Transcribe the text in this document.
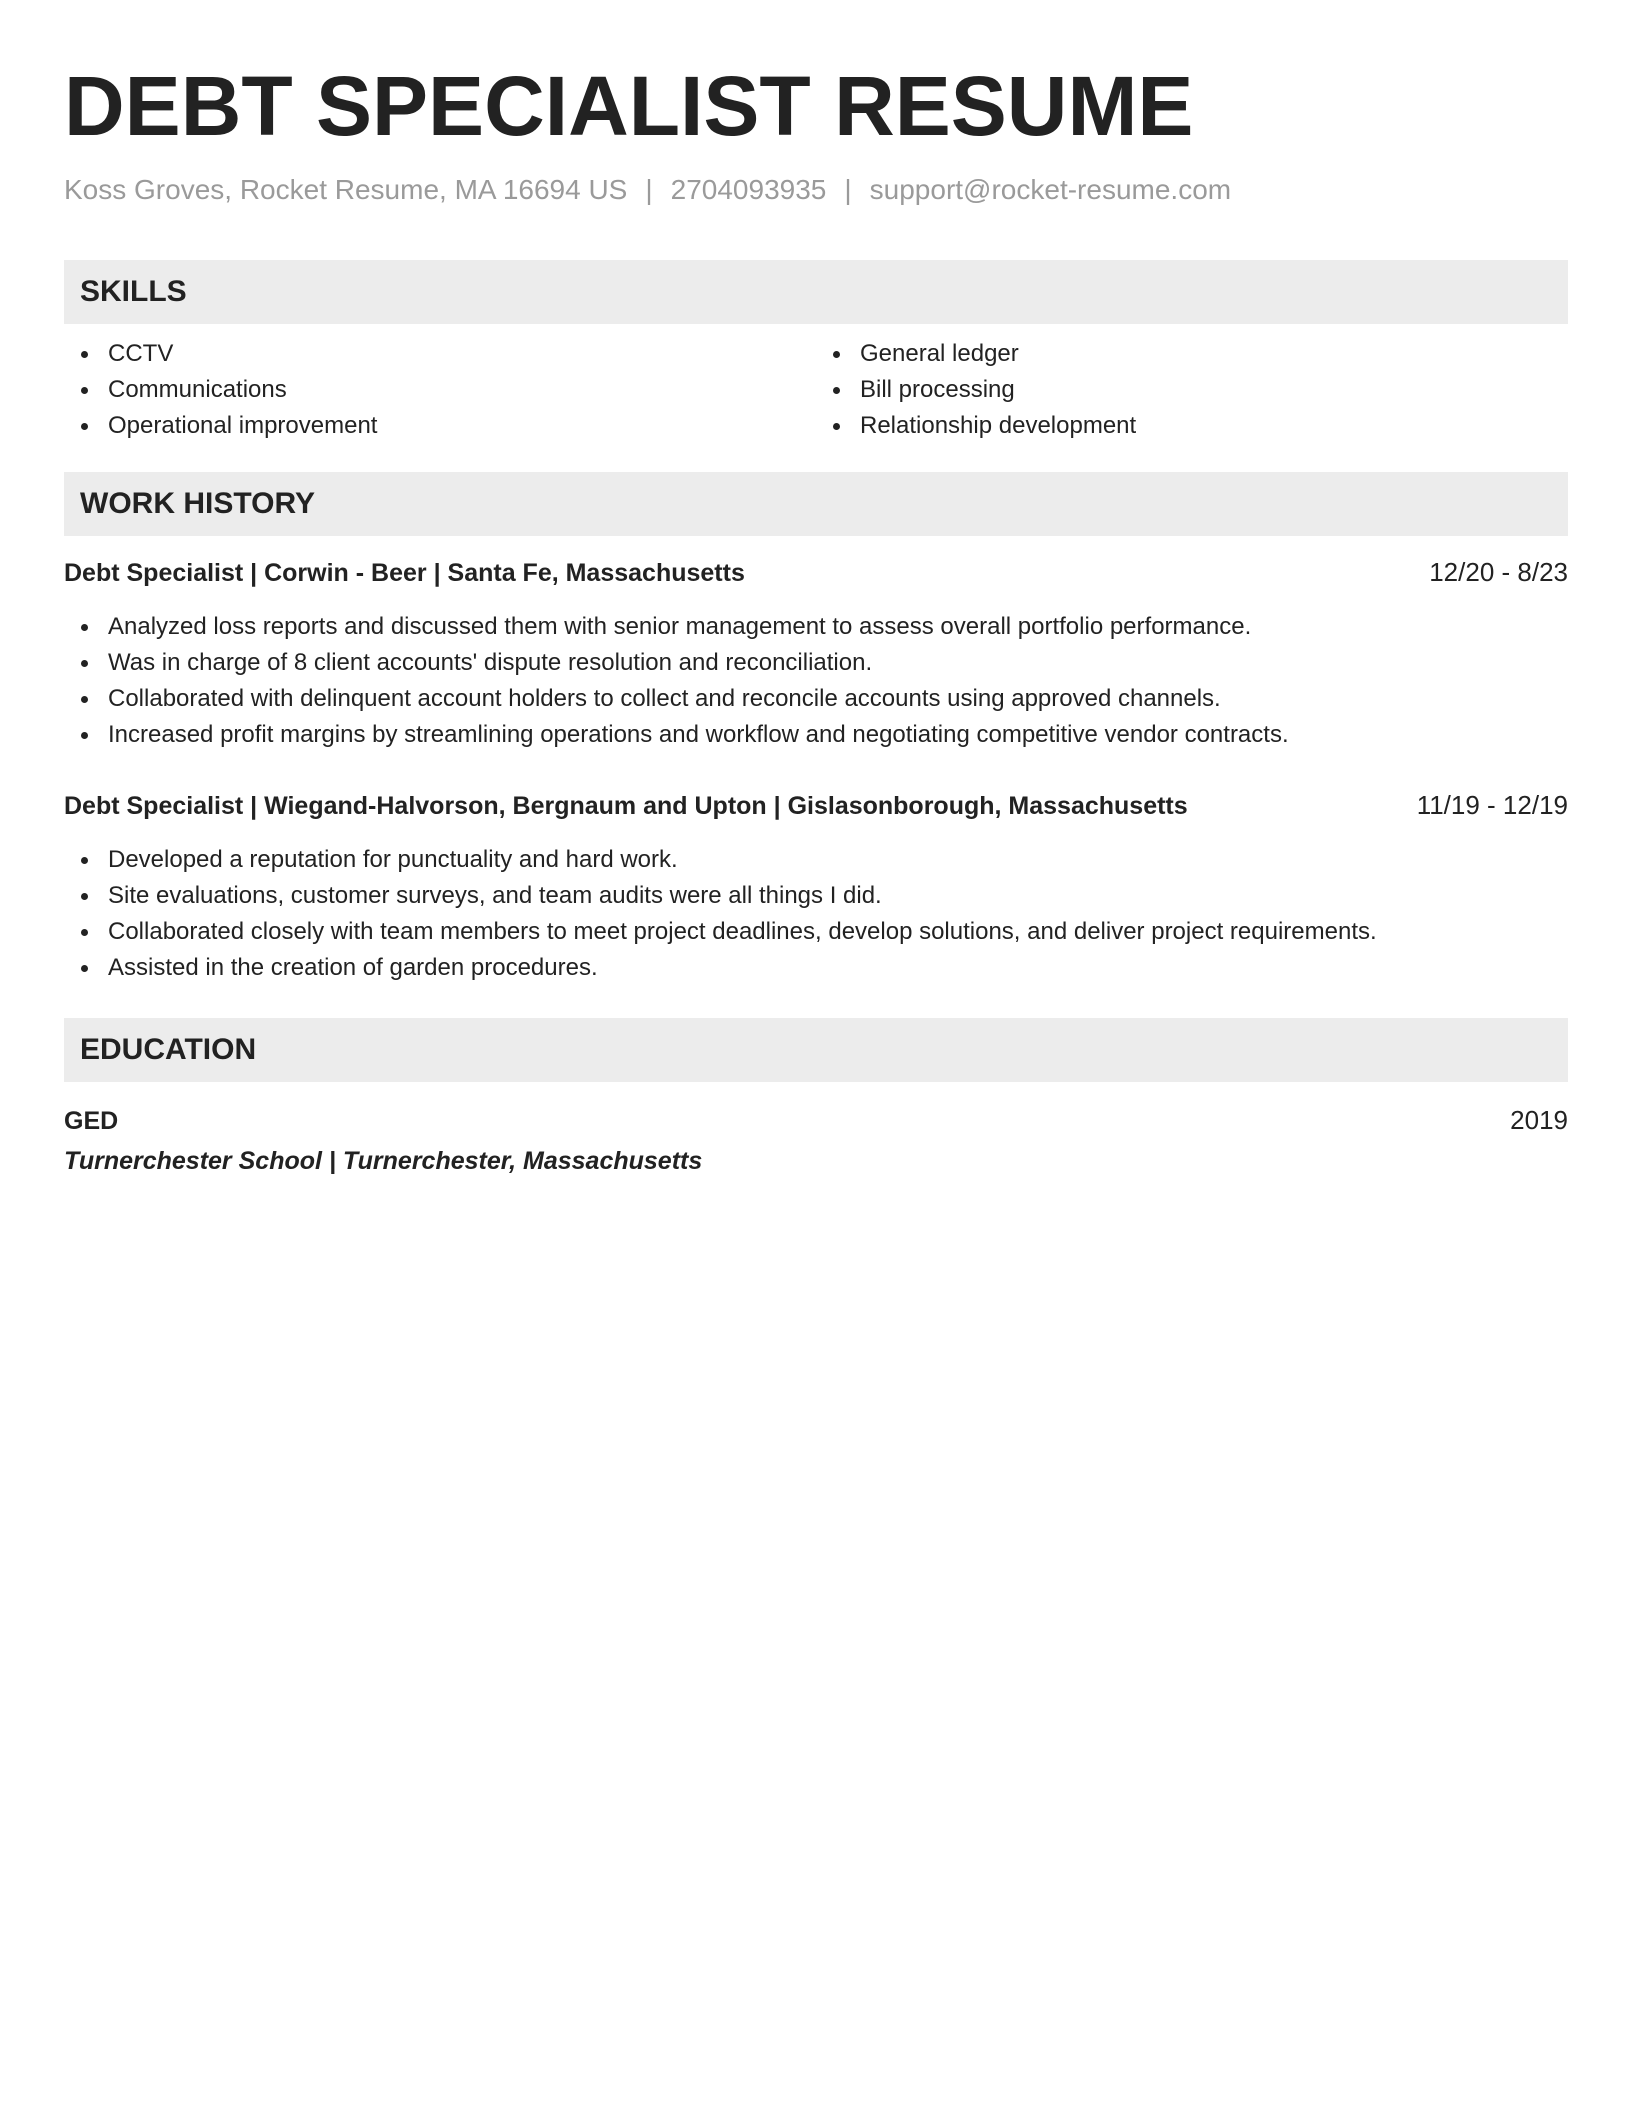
DEBT SPECIALIST RESUME
Koss Groves, Rocket Resume, MA 16694 US | 2704093935 | support@rocket-resume.com
SKILLS
CCTV
Communications
Operational improvement
General ledger
Bill processing
Relationship development
WORK HISTORY
Debt Specialist | Corwin - Beer | Santa Fe, Massachusetts	12/20 - 8/23
Analyzed loss reports and discussed them with senior management to assess overall portfolio performance.
Was in charge of 8 client accounts' dispute resolution and reconciliation.
Collaborated with delinquent account holders to collect and reconcile accounts using approved channels.
Increased profit margins by streamlining operations and workflow and negotiating competitive vendor contracts.
Debt Specialist | Wiegand-Halvorson, Bergnaum and Upton | Gislasonborough, Massachusetts	11/19 - 12/19
Developed a reputation for punctuality and hard work.
Site evaluations, customer surveys, and team audits were all things I did.
Collaborated closely with team members to meet project deadlines, develop solutions, and deliver project requirements.
Assisted in the creation of garden procedures.
EDUCATION
GED	2019
Turnerchester School | Turnerchester, Massachusetts
